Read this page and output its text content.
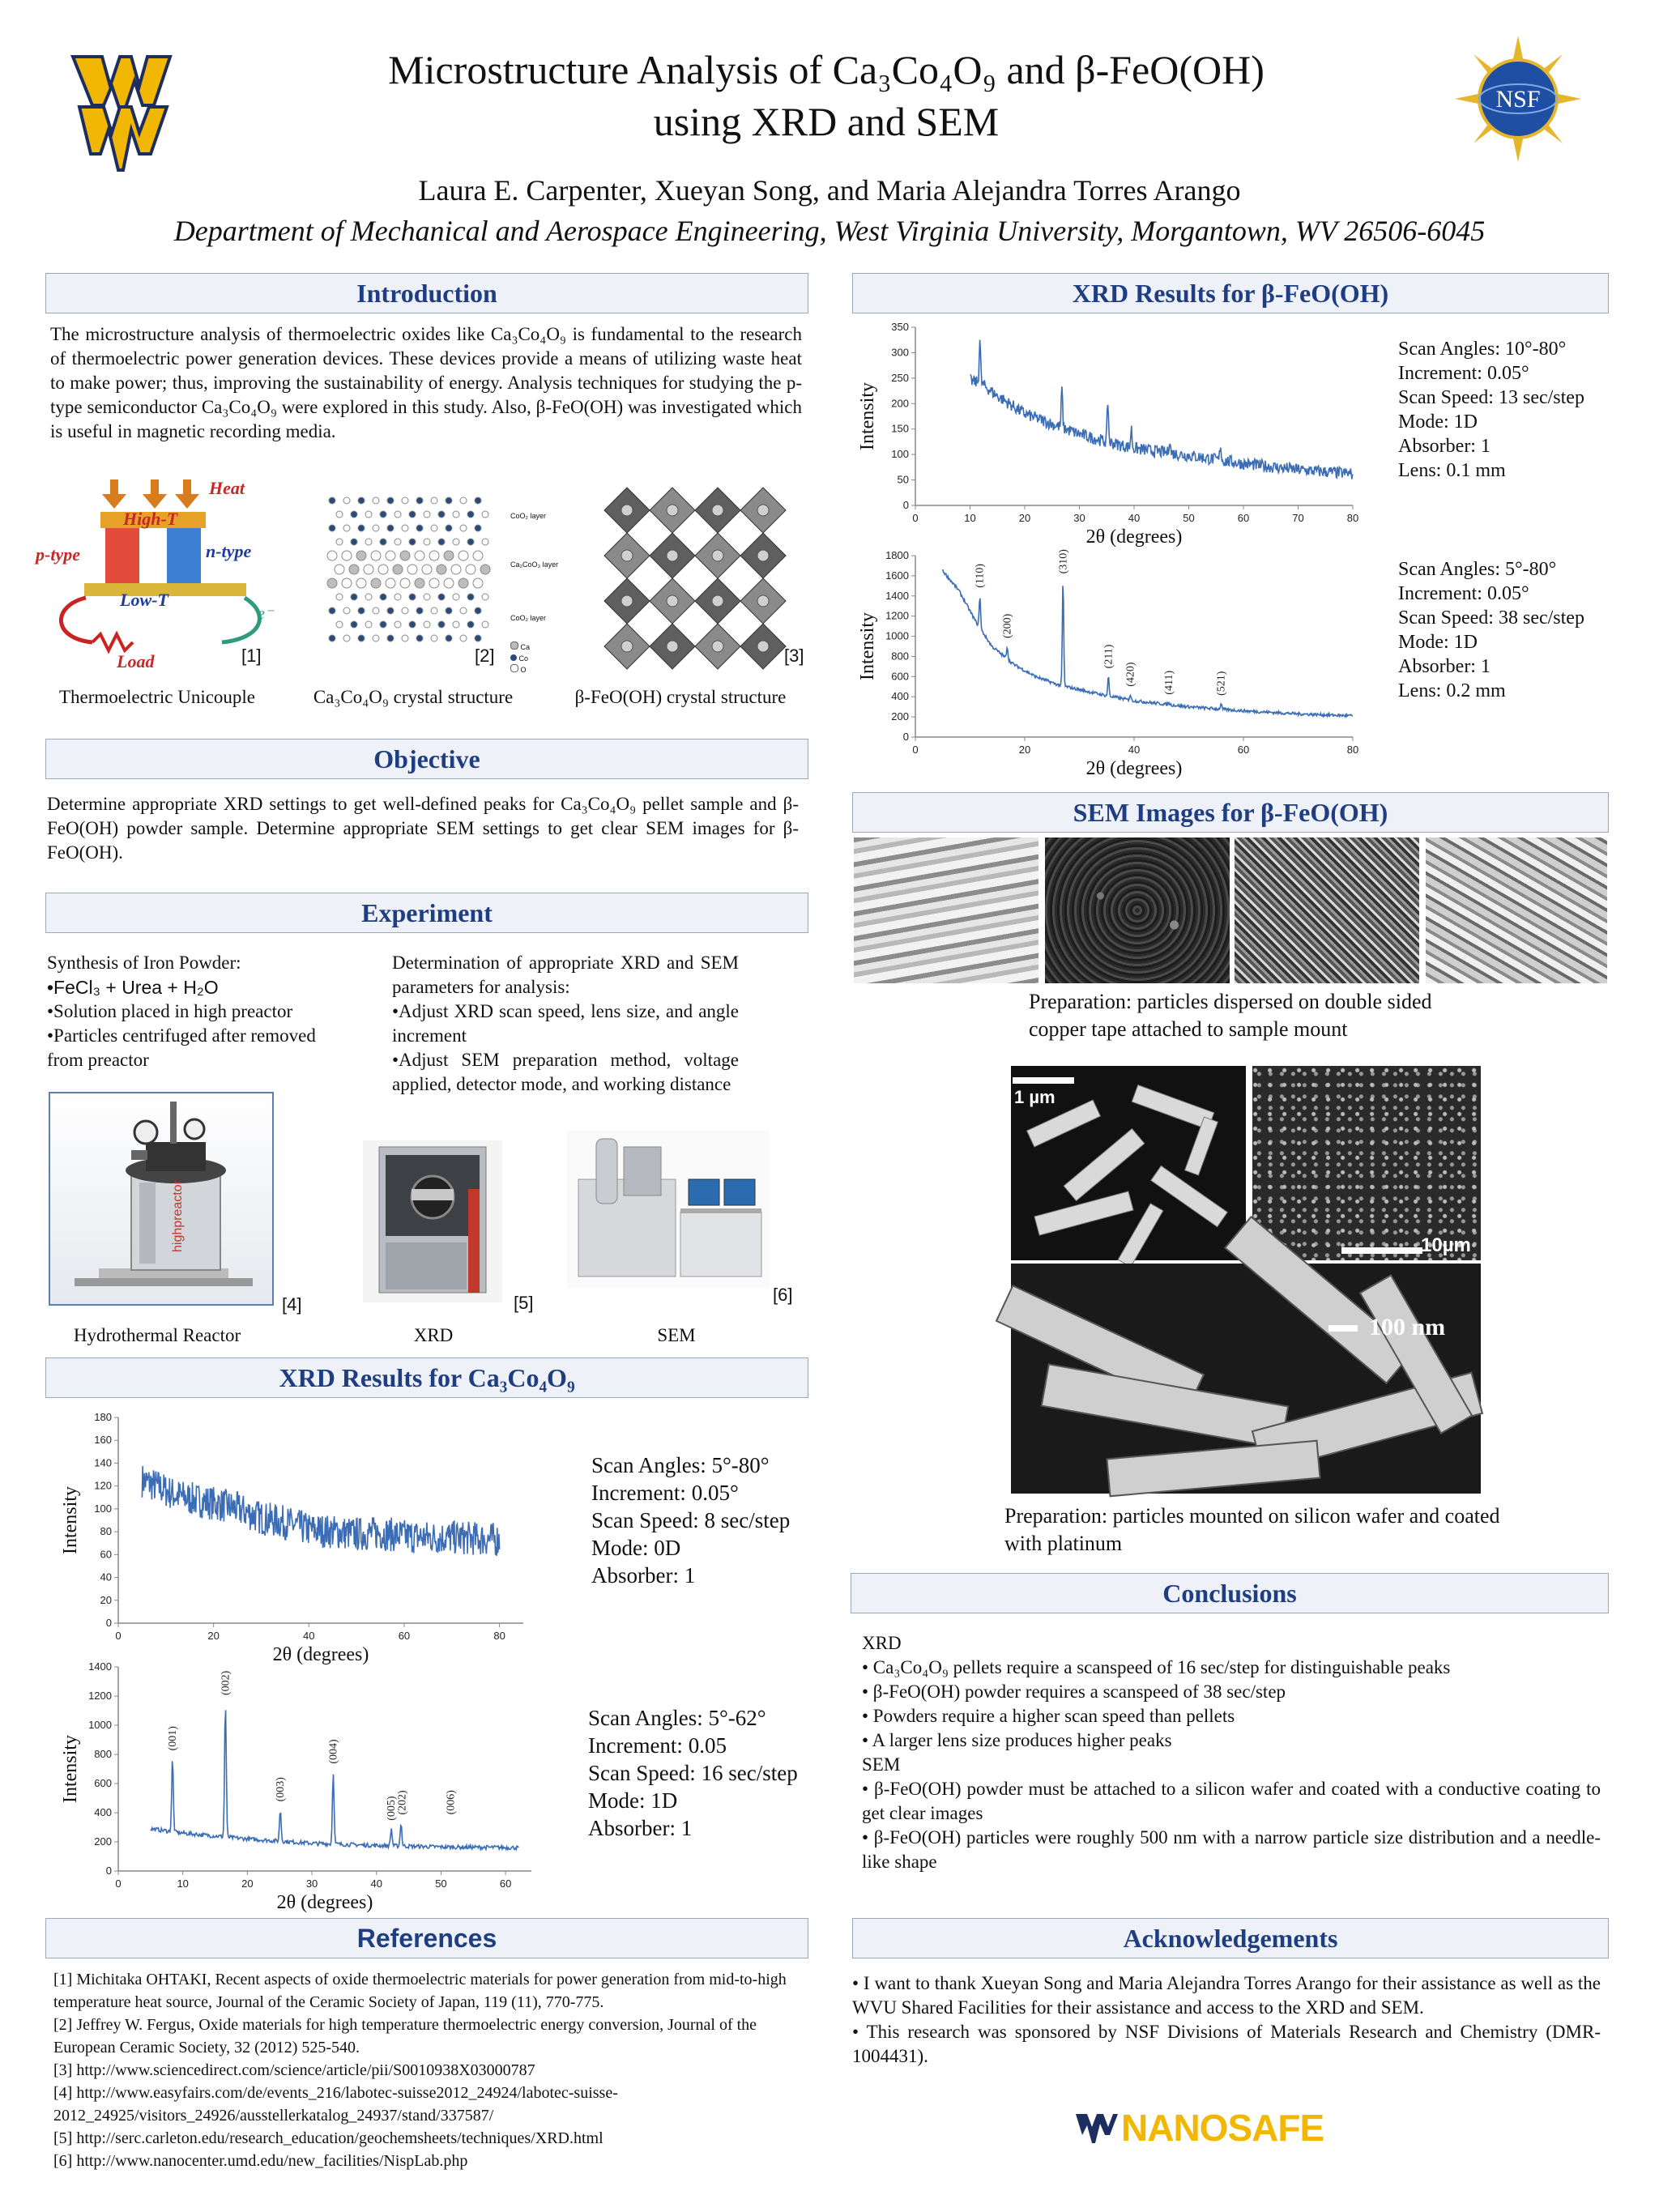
Microstructure Analysis of Ca₃Co₄O₉ and β-FeO(OH)
using XRD and SEM	NSF
Laura E. Carpenter, Xueyan Song, and Maria Alejandra Torres Arango
Department of Mechanical and Aerospace Engineering, West Virginia University, Morgantown, WV 26506-6045
Introduction
The microstructure analysis of thermoelectric oxides like Ca₃Co₄O₉ is fundamental to the research of thermoelectric power generation devices. These devices provide a means of utilizing waste heat to make power; thus, improving the sustainability of energy. Analysis techniques for studying the p-type semiconductor Ca₃Co₄O₉ were explored in this study. Also, β-FeO(OH) was investigated which is useful in magnetic recording media.
Heat
High-T
p-type	n-type
Low-T
Load
e⁻
[1]
Thermoelectric Unicouple
CoO₂ layer
Ca₂CoO₃ layer
CoO₂ layer
Ca
Co
O
[2]
Ca₃Co₄O₉ crystal structure
[3]
β-FeO(OH) crystal structure
Objective
Determine appropriate XRD settings to get well-defined peaks for Ca₃Co₄O₉ pellet sample and β-FeO(OH) powder sample. Determine appropriate SEM settings to get clear SEM images for β-FeO(OH).
Experiment
Synthesis of Iron Powder:
•FeCl₃ + Urea + H₂O
•Solution placed in high preactor
•Particles centrifuged after removed from preactor
Determination of appropriate XRD and SEM parameters for analysis:
•Adjust XRD scan speed, lens size, and angle increment
•Adjust SEM preparation method, voltage applied, detector mode, and working distance
highpreactor
[4]
Hydrothermal Reactor
[5]
XRD
[6]
SEM
XRD Results for Ca₃Co₄O₉
0	20	40	60	80
0
20
40
60
80
100
120
140
160
180
2θ (degrees)
Intensity
Scan Angles: 5°-80°
Increment: 0.05°
Scan Speed: 8 sec/step
Mode: 0D
Absorber: 1
0	10	20	30	40	50	60
0
200
400
600
800
1000
1200
1400
2θ (degrees)
Intensity	(001)
(002)
(003)
(004)
(005)
(202)	(006)
Scan Angles: 5°-62°
Increment: 0.05
Scan Speed: 16 sec/step
Mode: 1D
Absorber: 1
References
[1] Michitaka OHTAKI, Recent aspects of oxide thermoelectric materials for power generation from mid-to-high temperature heat source, Journal of the Ceramic Society of Japan, 119 (11), 770-775.
[2] Jeffrey W. Fergus, Oxide materials for high temperature thermoelectric energy conversion, Journal of the European Ceramic Society, 32 (2012) 525-540.
[3] http://www.sciencedirect.com/science/article/pii/S0010938X03000787
[4] http://www.easyfairs.com/de/events_216/labotec-suisse2012_24924/labotec-suisse-2012_24925/visitors_24926/ausstellerkatalog_24937/stand/337587/
[5] http://serc.carleton.edu/research_education/geochemsheets/techniques/XRD.html
[6] http://www.nanocenter.umd.edu/new_facilities/NispLab.php
XRD Results for β-FeO(OH)
0	10	20	30	40	50	60	70	80
0
50
100
150
200
250
300
350
2θ (degrees)
Intensity
Scan Angles: 10°-80°
Increment: 0.05°
Scan Speed: 13 sec/step
Mode: 1D
Absorber: 1
Lens: 0.1 mm
0	20	40	60	80
0
200
400
600
800
1000
1200
1400
1600
1800
2θ (degrees)
Intensity
(110)
(200)
(310)
(211)
(420) (411)	(521)
Scan Angles: 5°-80°
Increment: 0.05°
Scan Speed: 38 sec/step
Mode: 1D
Absorber: 1
Lens: 0.2 mm
SEM Images for β-FeO(OH)
Preparation: particles dispersed on double sided copper tape attached to sample mount
1 µm
10µm
100 nm
Preparation: particles mounted on silicon wafer and coated with platinum
Conclusions
XRD
• Ca₃Co₄O₉ pellets require a scanspeed of 16 sec/step for distinguishable peaks
• β-FeO(OH) powder requires a scanspeed of 38 sec/step
• Powders require a higher scan speed than pellets
• A larger lens size produces higher peaks
SEM
• β-FeO(OH) powder must be attached to a silicon wafer and coated with a conductive coating to get clear images
• β-FeO(OH) particles were roughly 500 nm with a narrow particle size distribution and a needle-like shape
Acknowledgements
• I want to thank Xueyan Song and Maria Alejandra Torres Arango for their assistance as well as the WVU Shared Facilities for their assistance and access to the XRD and SEM.
• This research was sponsored by NSF Divisions of Materials Research and Chemistry (DMR-1004431).
NANOSAFE
